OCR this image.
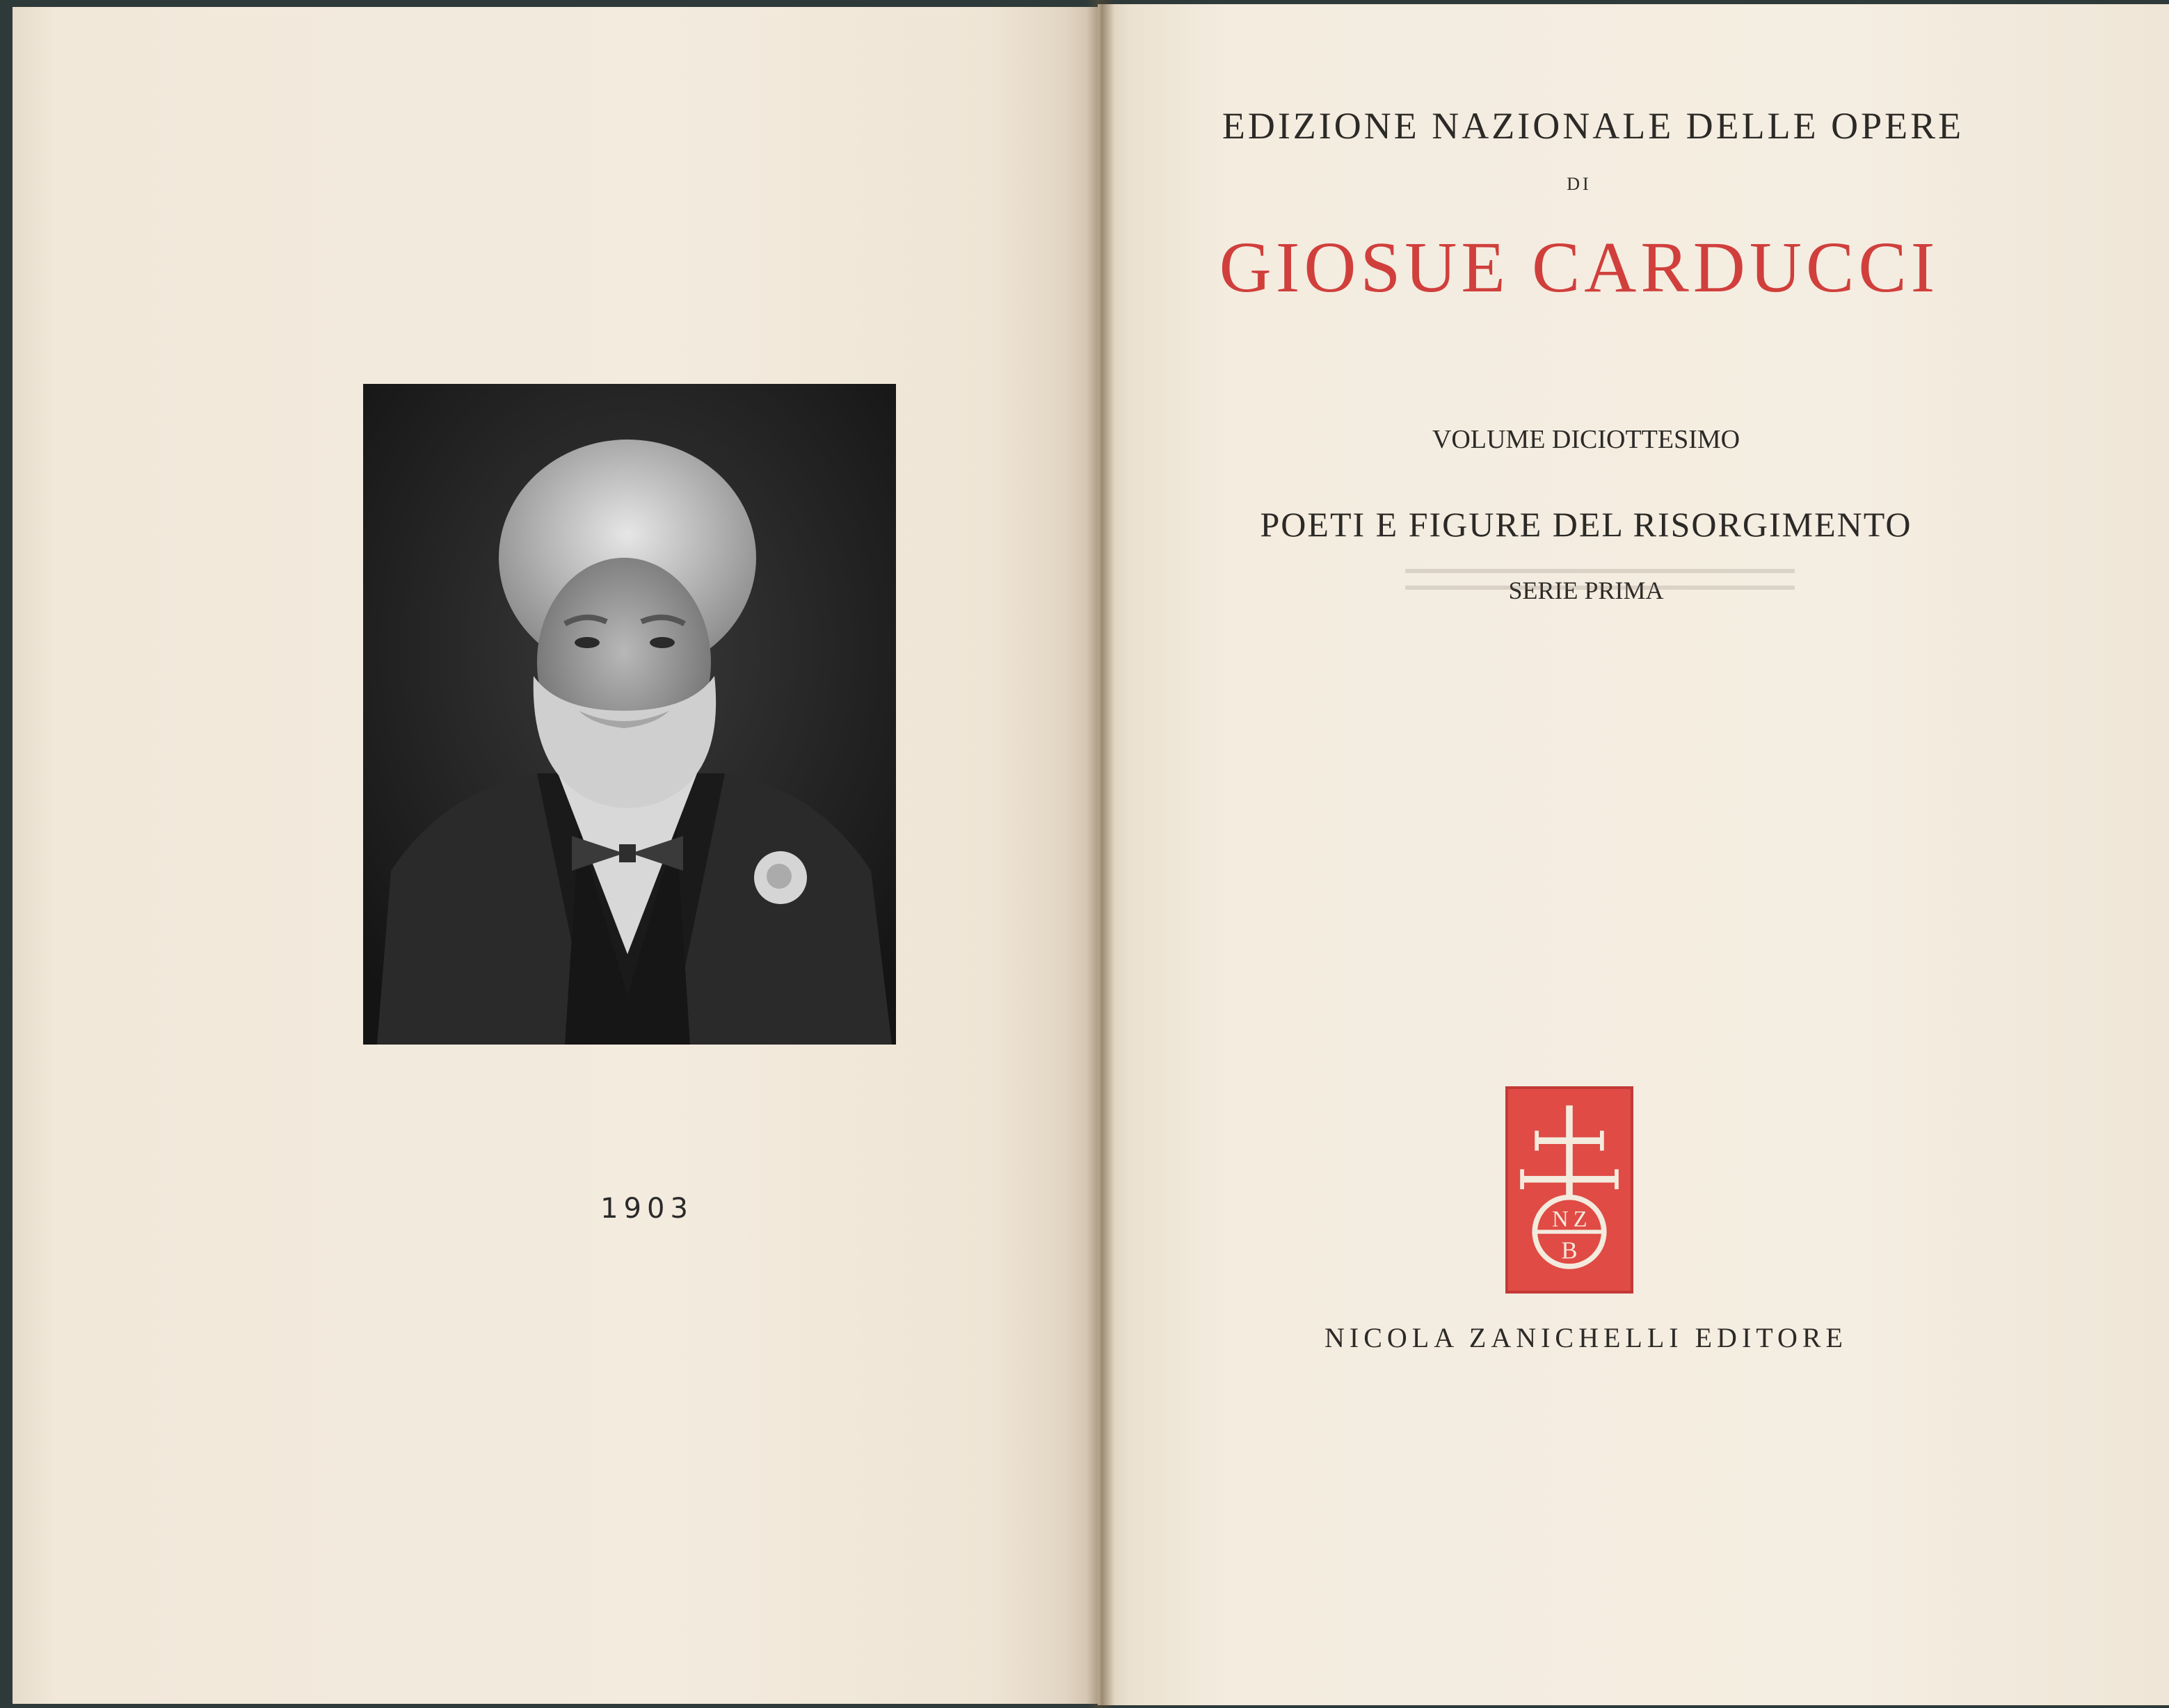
1903
EDIZIONE NAZIONALE DELLE OPERE
DI
GIOSUE CARDUCCI
VOLUME DICIOTTESIMO
POETI E FIGURE DEL RISORGIMENTO
SERIE PRIMA
N Z
B
NICOLA ZANICHELLI EDITORE
